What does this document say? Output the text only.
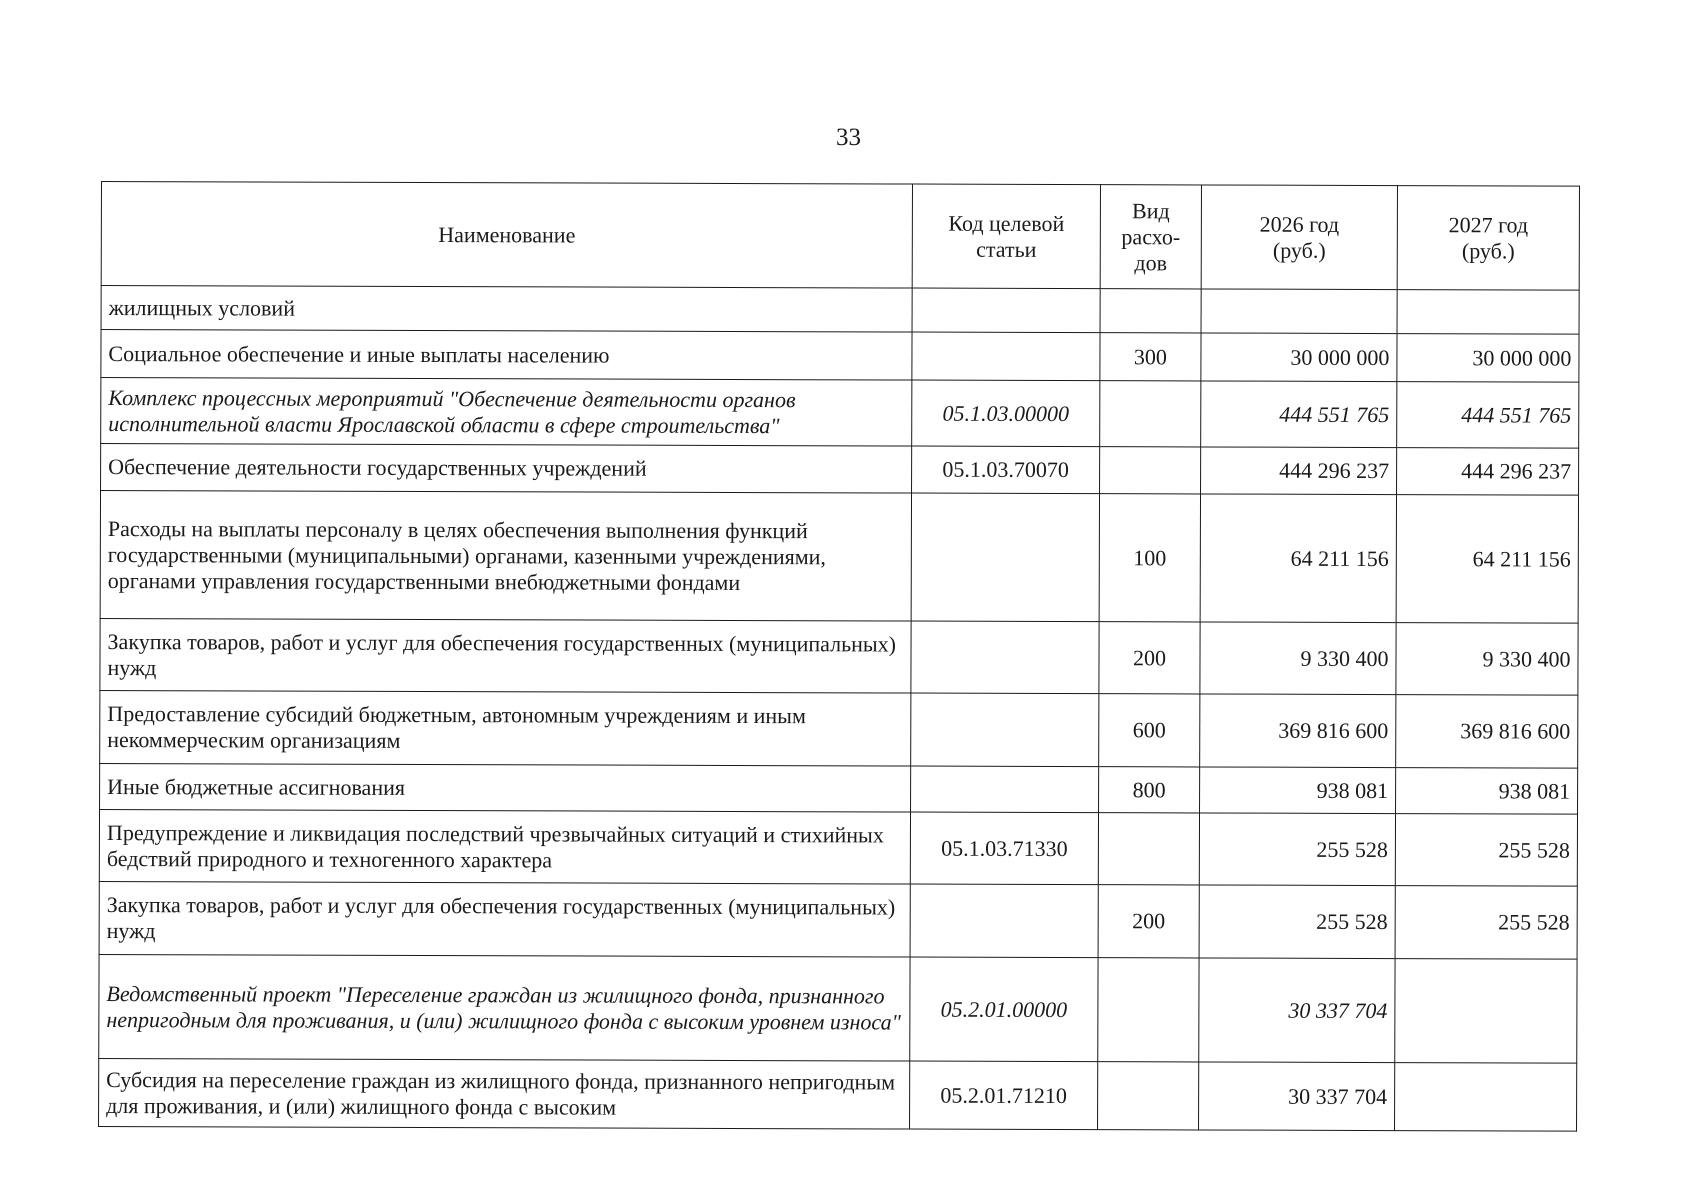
33
Наименование	Код целевой статьи	Вид расхо-дов	2026 год (руб.)	2027 год (руб.)
жилищных условий				
Социальное обеспечение и иные выплаты населению		300	30 000 000	30 000 000
Комплекс процессных мероприятий "Обеспечение деятельности органов исполнительной власти Ярославской области в сфере строительства"	05.1.03.00000		444 551 765	444 551 765
Обеспечение деятельности государственных учреждений	05.1.03.70070		444 296 237	444 296 237
Расходы на выплаты персоналу в целях обеспечения выполнения функций государственными (муниципальными) органами, казенными учреждениями, органами управления государственными внебюджетными фондами		100	64 211 156	64 211 156
Закупка товаров, работ и услуг для обеспечения государственных (муниципальных) нужд		200	9 330 400	9 330 400
Предоставление субсидий бюджетным, автономным учреждениям и иным некоммерческим организациям		600	369 816 600	369 816 600
Иные бюджетные ассигнования		800	938 081	938 081
Предупреждение и ликвидация последствий чрезвычайных ситуаций и стихийных бедствий природного и техногенного характера	05.1.03.71330		255 528	255 528
Закупка товаров, работ и услуг для обеспечения государственных (муниципальных) нужд		200	255 528	255 528
Ведомственный проект "Переселение граждан из жилищного фонда, признанного непригодным для проживания, и (или) жилищного фонда с высоким уровнем износа"	05.2.01.00000		30 337 704	
Субсидия на переселение граждан из жилищного фонда, признанного непригодным для проживания, и (или) жилищного фонда с высоким	05.2.01.71210		30 337 704	
